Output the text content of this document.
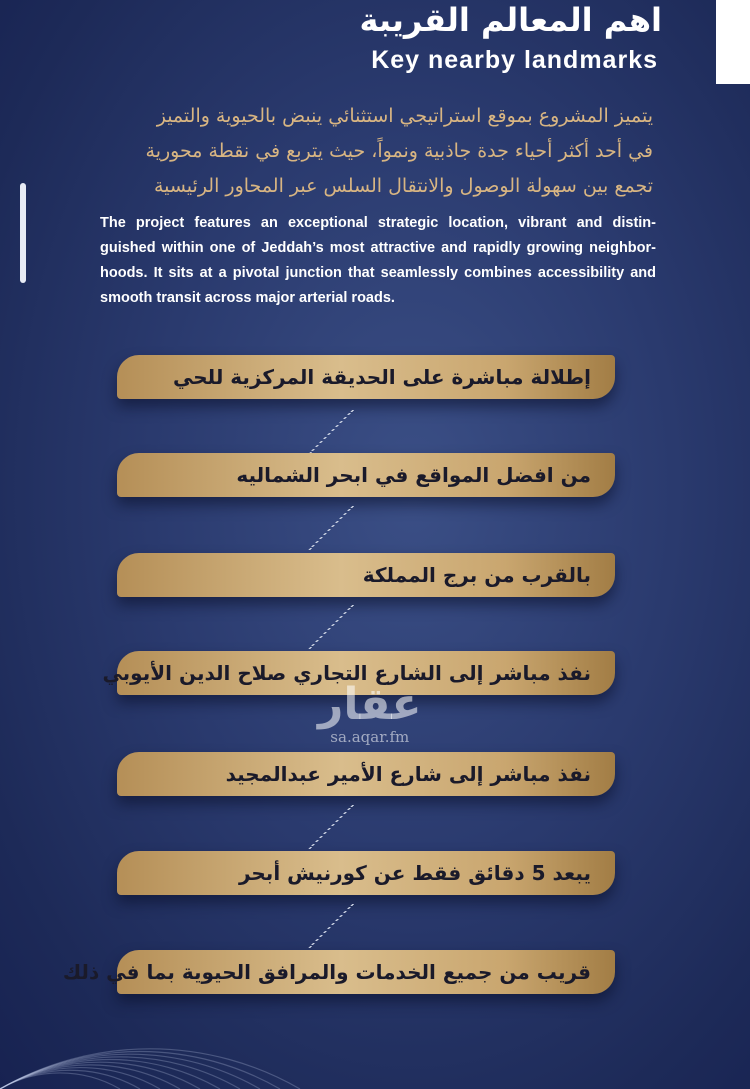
اهم المعالم القريبة
Key nearby landmarks
يتميز المشروع بموقع استراتيجي استثنائي ينبض بالحيوية والتميز
في أحد أكثر أحياء جدة جاذبية ونمواً، حيث يتربع في نقطة محورية
تجمع بين سهولة الوصول والانتقال السلس عبر المحاور الرئيسية

The project features an exceptional strategic location, vibrant and distin-guished within one of Jeddah’s most attractive and rapidly growing neighbor-hoods. It sits at a pivotal junction that seamlessly combines accessibility and smooth transit across major arterial roads.

إطلالة مباشرة على الحديقة المركزية للحي
من افضل المواقع في ابحر الشماليه
بالقرب من برج المملكة
نفذ مباشر إلى الشارع التجاري صلاح الدين الأيوبي
نفذ مباشر إلى شارع الأمير عبدالمجيد
يبعد 5 دقائق فقط عن كورنيش أبحر
قريب من جميع الخدمات والمرافق الحيوية بما في ذلك
عقار
sa.aqar.fm
